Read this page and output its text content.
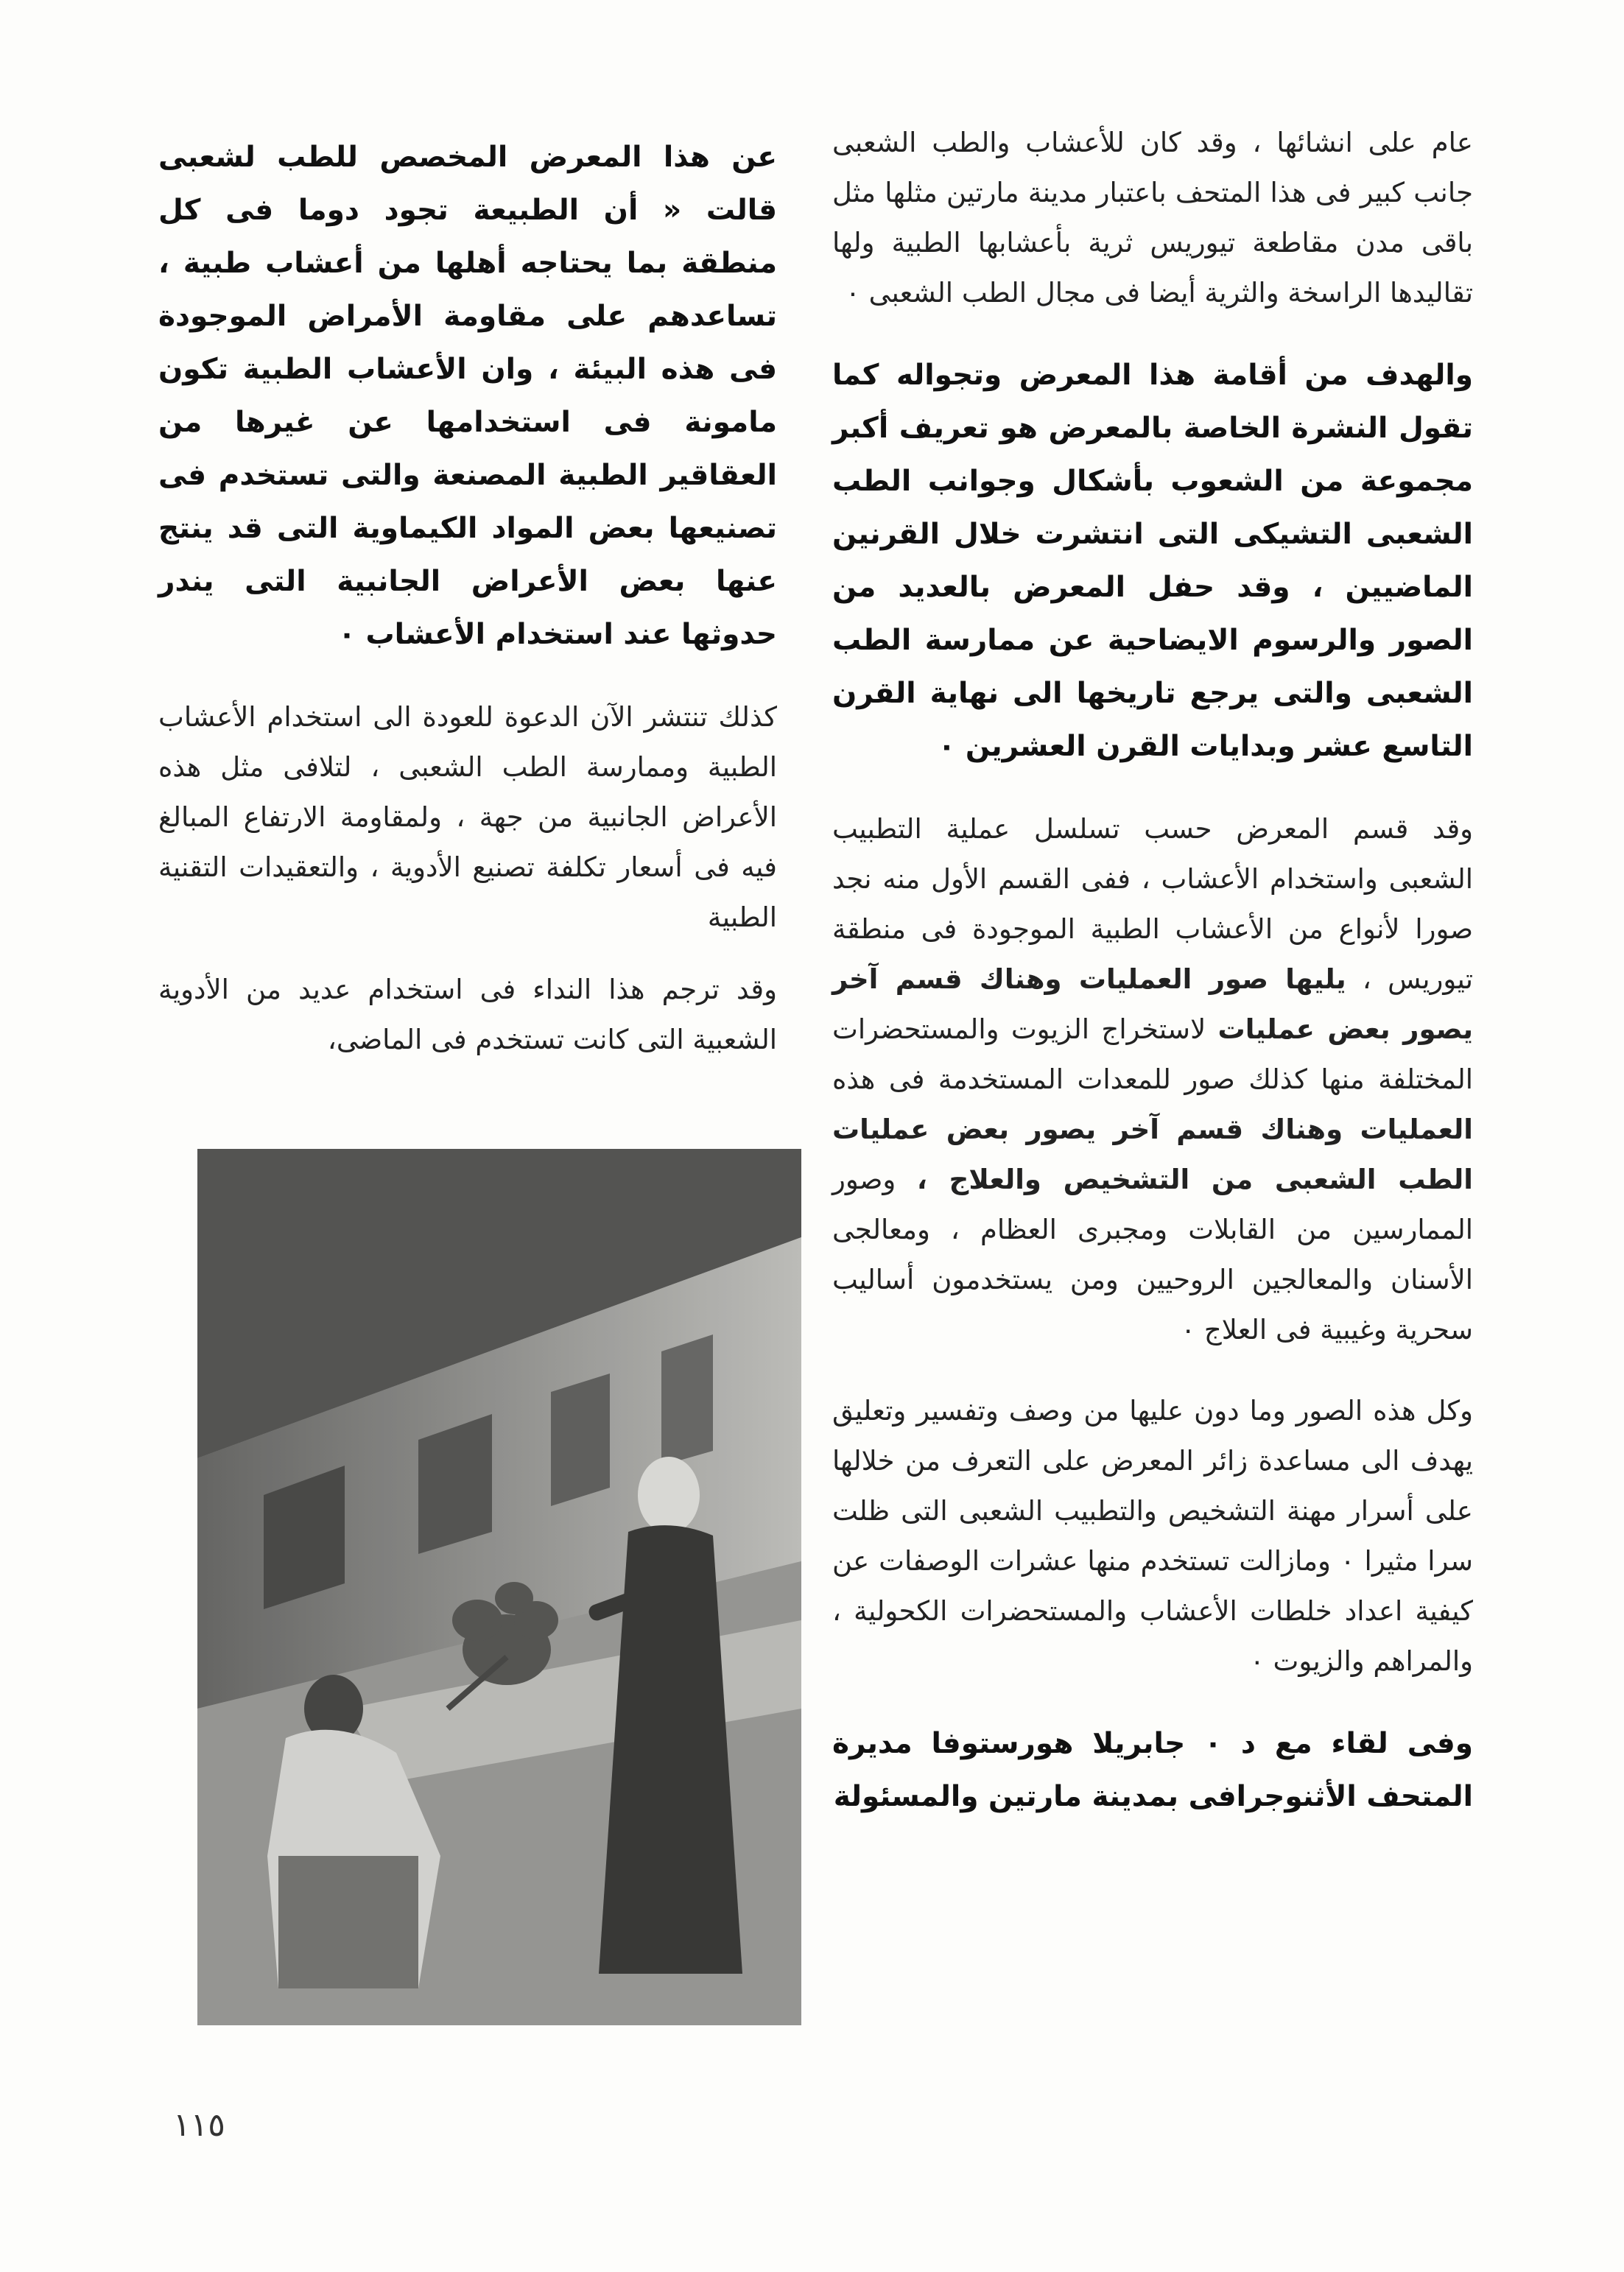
عام على انشائها ، وقد كان للأعشاب والطب الشعبى جانب كبير فى هذا المتحف باعتبار مدينة مارتين مثلها مثل باقى مدن مقاطعة تيوريس ثرية بأعشابها الطبية ولها تقاليدها الراسخة والثرية أيضا فى مجال الطب الشعبى ٠

والهدف من أقامة هذا المعرض وتجواله كما تقول النشرة الخاصة بالمعرض هو تعريف أكبر مجموعة من الشعوب بأشكال وجوانب الطب الشعبى التشيكى التى انتشرت خلال القرنين الماضيين ، وقد حفل المعرض بالعديد من الصور والرسوم الايضاحية عن ممارسة الطب الشعبى والتى يرجع تاريخها الى نهاية القرن التاسع عشر وبدايات القرن العشرين ٠

وقد قسم المعرض حسب تسلسل عملية التطبيب الشعبى واستخدام الأعشاب ، ففى القسم الأول منه نجد صورا لأنواع من الأعشاب الطبية الموجودة فى منطقة تيوريس ، يليها صور العمليات وهناك قسم آخر يصور بعض عمليات لاستخراج الزيوت والمستحضرات المختلفة منها كذلك صور للمعدات المستخدمة فى هذه العمليات وهناك قسم آخر يصور بعض عمليات الطب الشعبى من التشخيص والعلاج ، وصور الممارسين من القابلات ومجبرى العظام ، ومعالجى الأسنان والمعالجين الروحيين ومن يستخدمون أساليب سحرية وغيبية فى العلاج ٠

وكل هذه الصور وما دون عليها من وصف وتفسير وتعليق يهدف الى مساعدة زائر المعرض على التعرف من خلالها على أسرار مهنة التشخيص والتطبيب الشعبى التى ظلت سرا مثيرا ٠ ومازالت تستخدم منها عشرات الوصفات عن كيفية اعداد خلطات الأعشاب والمستحضرات الكحولية ، والمراهم والزيوت ٠

وفى لقاء مع د ٠ جابريلا هورستوفا مديرة المتحف الأثنوجرافى بمدينة مارتين والمسئولة

عن هذا المعرض المخصص للطب لشعبى قالت « أن الطبيعة تجود دوما فى كل منطقة بما يحتاجه أهلها من أعشاب طبية ، تساعدهم على مقاومة الأمراض الموجودة فى هذه البيئة ، وان الأعشاب الطبية تكون مامونة فى استخدامها عن غيرها من العقاقير الطبية المصنعة والتى تستخدم فى تصنيعها بعض المواد الكيماوية التى قد ينتج عنها بعض الأعراض الجانبية التى يندر حدوثها عند استخدام الأعشاب ٠

كذلك تنتشر الآن الدعوة للعودة الى استخدام الأعشاب الطبية وممارسة الطب الشعبى ، لتلافى مثل هذه الأعراض الجانبية من جهة ، ولمقاومة الارتفاع المبالغ فيه فى أسعار تكلفة تصنيع الأدوية ، والتعقيدات التقنية الطبية

وقد ترجم هذا النداء فى استخدام عديد من الأدوية الشعبية التى كانت تستخدم فى الماضى،

١١٥
